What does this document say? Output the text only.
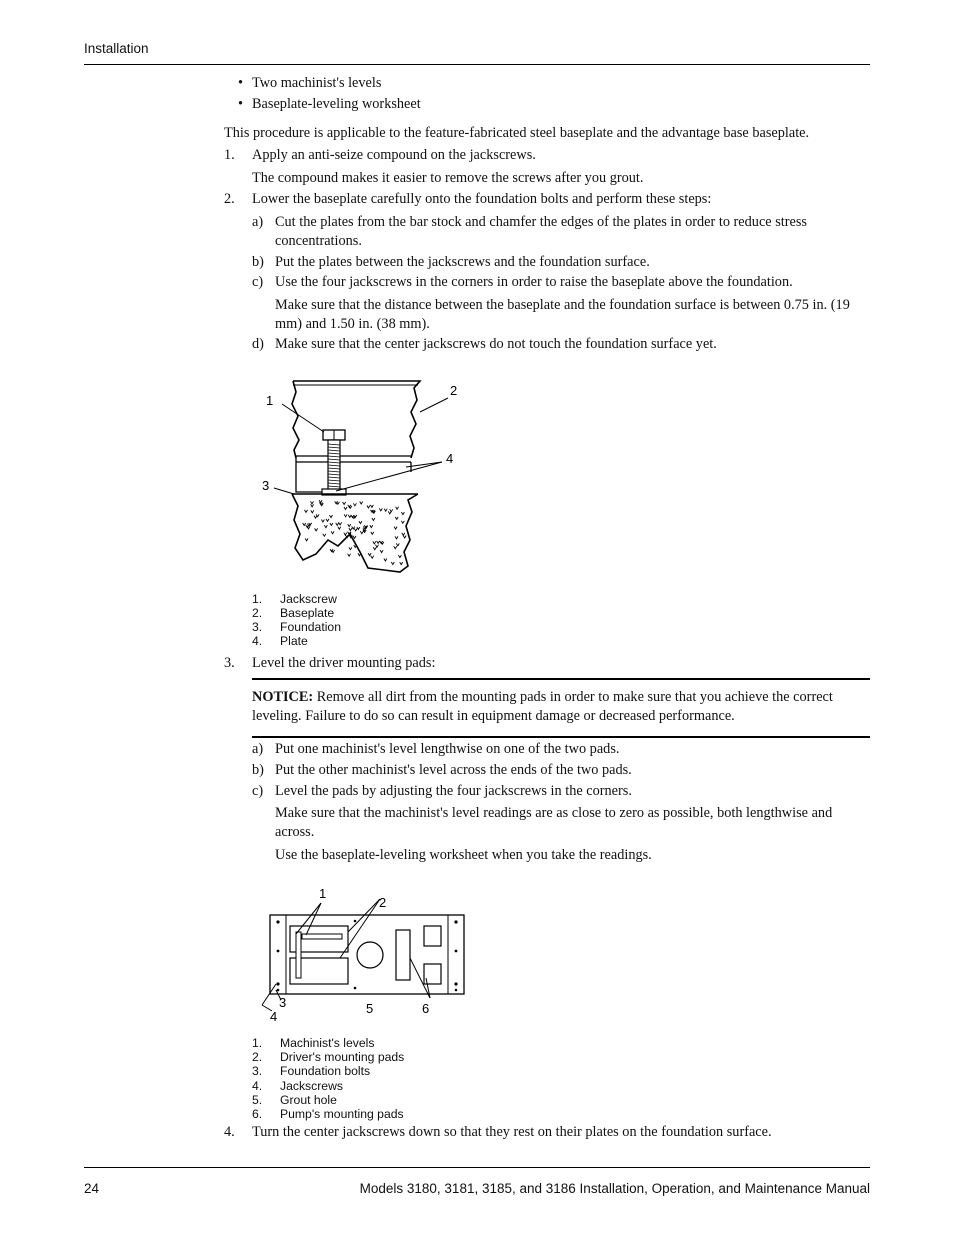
Installation
• Two machinist's levels
• Baseplate-leveling worksheet
This procedure is applicable to the feature-fabricated steel baseplate and the advantage base baseplate.
1. Apply an anti-seize compound on the jackscrews.
The compound makes it easier to remove the screws after you grout.
2. Lower the baseplate carefully onto the foundation bolts and perform these steps:
a) Cut the plates from the bar stock and chamfer the edges of the plates in order to reduce stress concentrations.
b) Put the plates between the jackscrews and the foundation surface.
c) Use the four jackscrews in the corners in order to raise the baseplate above the foundation.
Make sure that the distance between the baseplate and the foundation surface is between 0.75 in. (19 mm) and 1.50 in. (38 mm).
d) Make sure that the center jackscrews do not touch the foundation surface yet.
1
2
3
4
1. Jackscrew
2. Baseplate
3. Foundation
4. Plate
3. Level the driver mounting pads:
NOTICE: Remove all dirt from the mounting pads in order to make sure that you achieve the correct leveling. Failure to do so can result in equipment damage or decreased performance.
a) Put one machinist's level lengthwise on one of the two pads.
b) Put the other machinist's level across the ends of the two pads.
c) Level the pads by adjusting the four jackscrews in the corners.
Make sure that the machinist's level readings are as close to zero as possible, both lengthwise and across.
Use the baseplate-leveling worksheet when you take the readings.
1
2
3
4
5	6
1. Machinist's levels
2. Driver's mounting pads
3. Foundation bolts
4. Jackscrews
5. Grout hole
6. Pump's mounting pads
4. Turn the center jackscrews down so that they rest on their plates on the foundation surface.
24	Models 3180, 3181, 3185, and 3186 Installation, Operation, and Maintenance Manual
